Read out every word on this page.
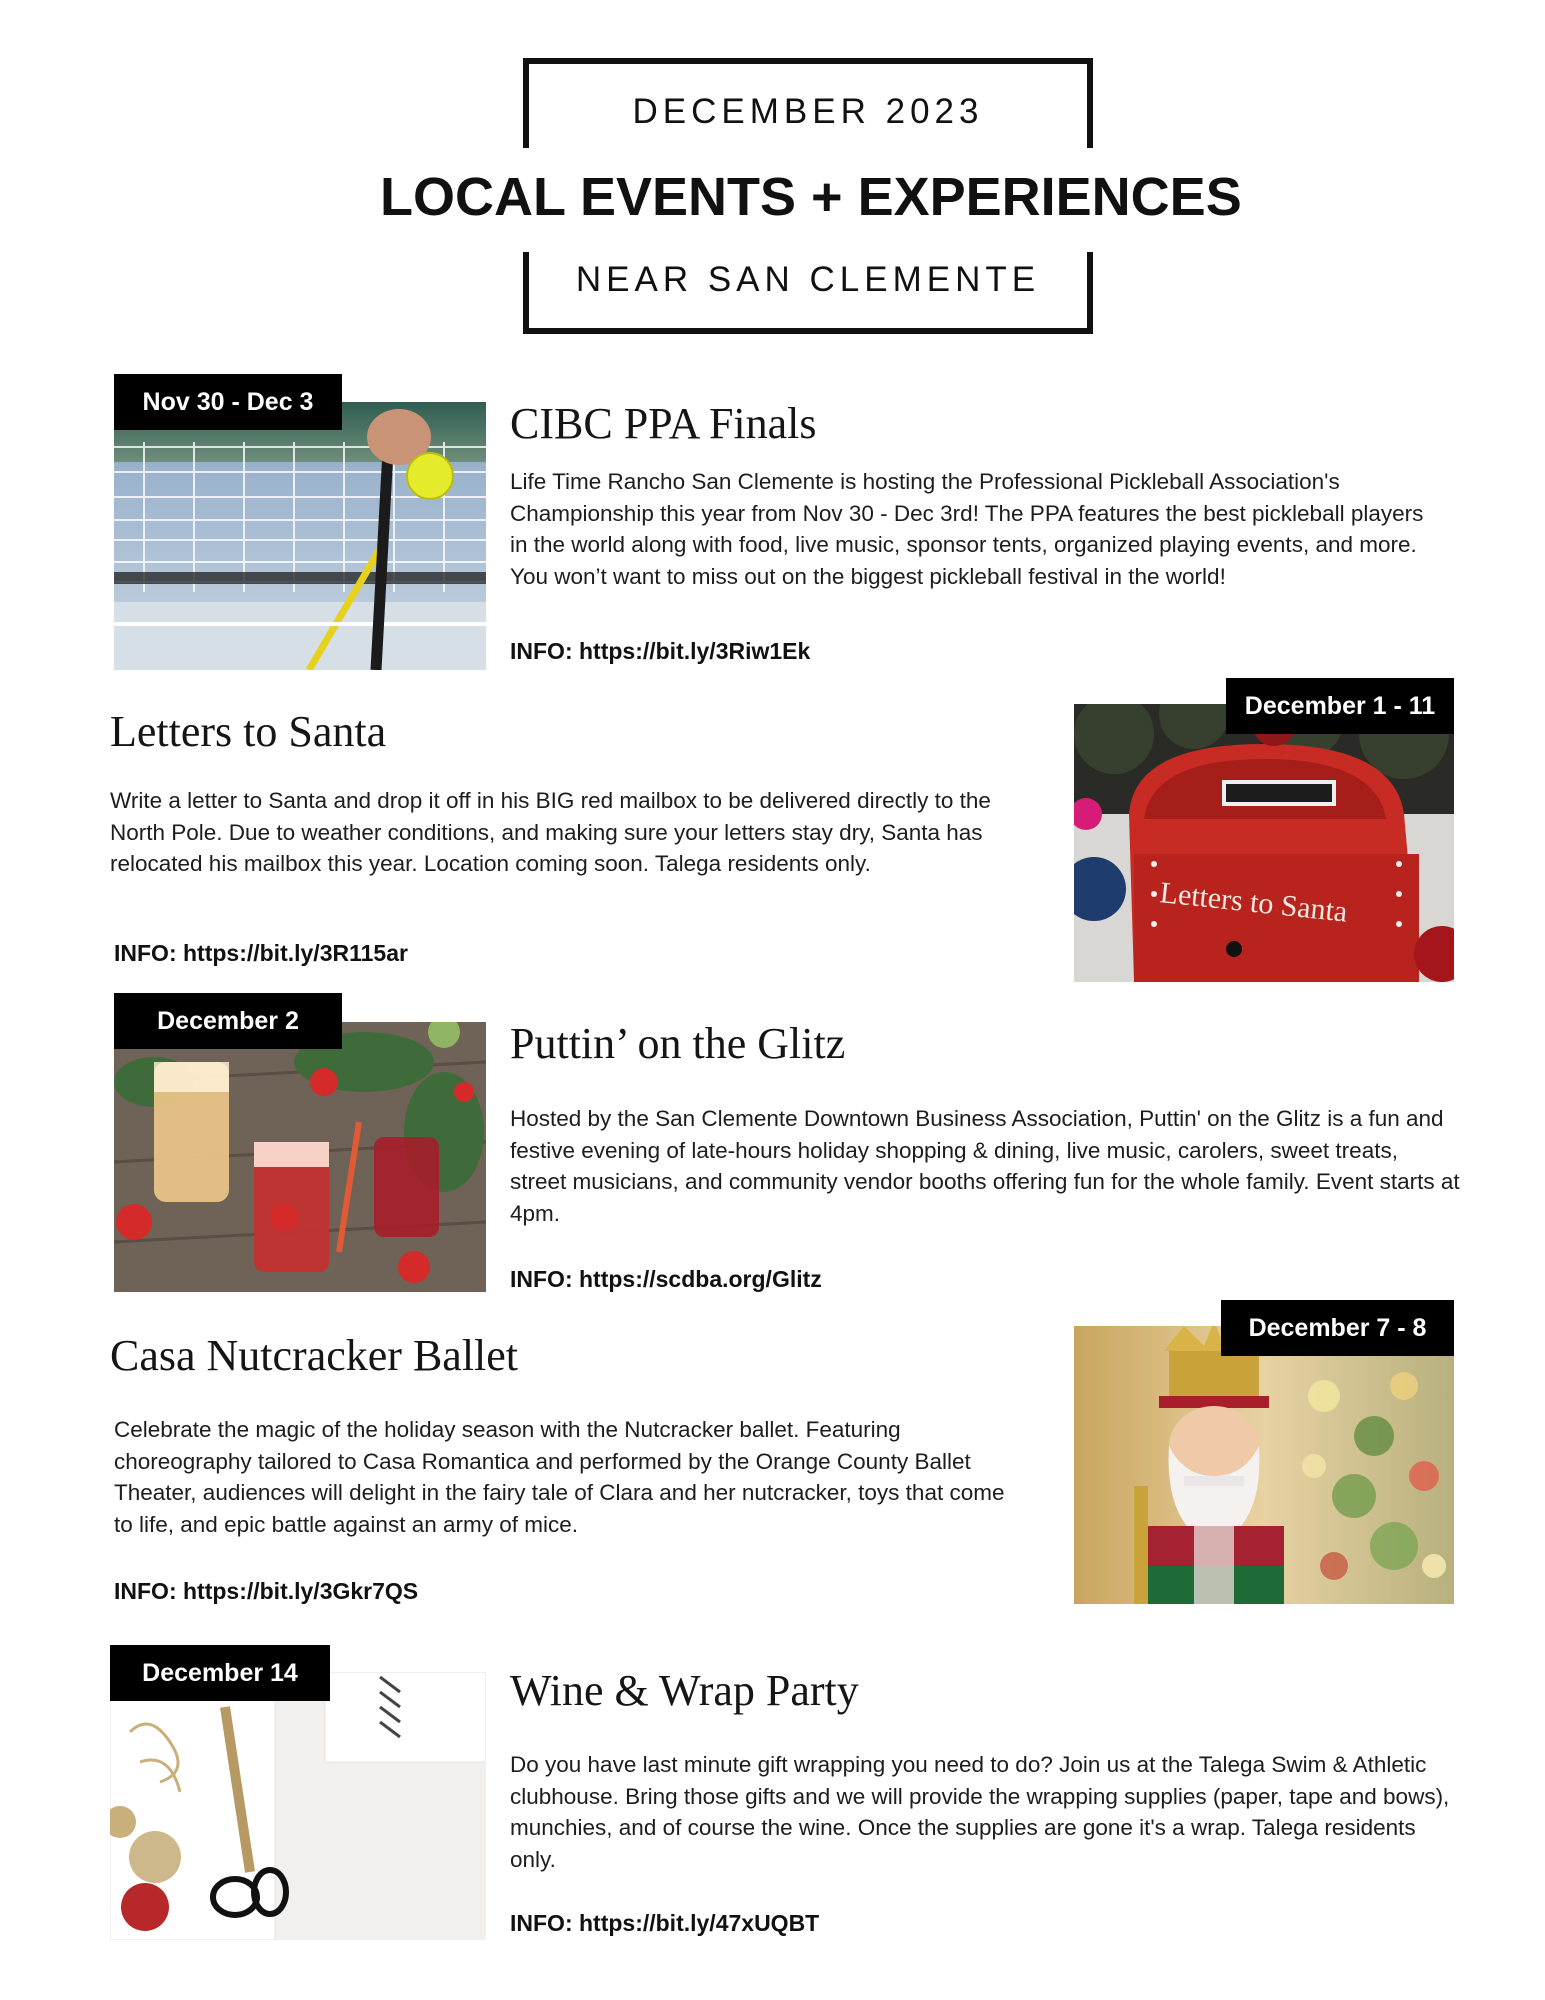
DECEMBER 2023
LOCAL EVENTS + EXPERIENCES
NEAR SAN CLEMENTE
Nov 30 - Dec 3	CIBC PPA Finals
Life Time Rancho San Clemente is hosting the Professional Pickleball Association's Championship this year from Nov 30 - Dec 3rd! The PPA features the best pickleball players in the world along with food, live music, sponsor tents, organized playing events, and more. You won’t want to miss out on the biggest pickleball festival in the world!
INFO: https://bit.ly/3Riw1Ek
Letters to Santa
December 1 - 11
Letters to Santa
Write a letter to Santa and drop it off in his BIG red mailbox to be delivered directly to the North Pole. Due to weather conditions, and making sure your letters stay dry, Santa has relocated his mailbox this year. Location coming soon. Talega residents only.
INFO: https://bit.ly/3R115ar
December 2	Puttin’ on the Glitz
Hosted by the San Clemente Downtown Business Association, Puttin' on the Glitz is a fun and festive evening of late-hours holiday shopping & dining, live music, carolers, sweet treats, street musicians, and community vendor booths offering fun for the whole family. Event starts at 4pm.
INFO: https://scdba.org/Glitz
December 7 - 8
Casa Nutcracker Ballet
Celebrate the magic of the holiday season with the Nutcracker ballet. Featuring choreography tailored to Casa Romantica and performed by the Orange County Ballet Theater, audiences will delight in the fairy tale of Clara and her nutcracker, toys that come to life, and epic battle against an army of mice.
INFO: https://bit.ly/3Gkr7QS
December 14	Wine & Wrap Party
Do you have last minute gift wrapping you need to do? Join us at the Talega Swim & Athletic clubhouse. Bring those gifts and we will provide the wrapping supplies (paper, tape and bows), munchies, and of course the wine. Once the supplies are gone it's a wrap. Talega residents only.
INFO: https://bit.ly/47xUQBT
